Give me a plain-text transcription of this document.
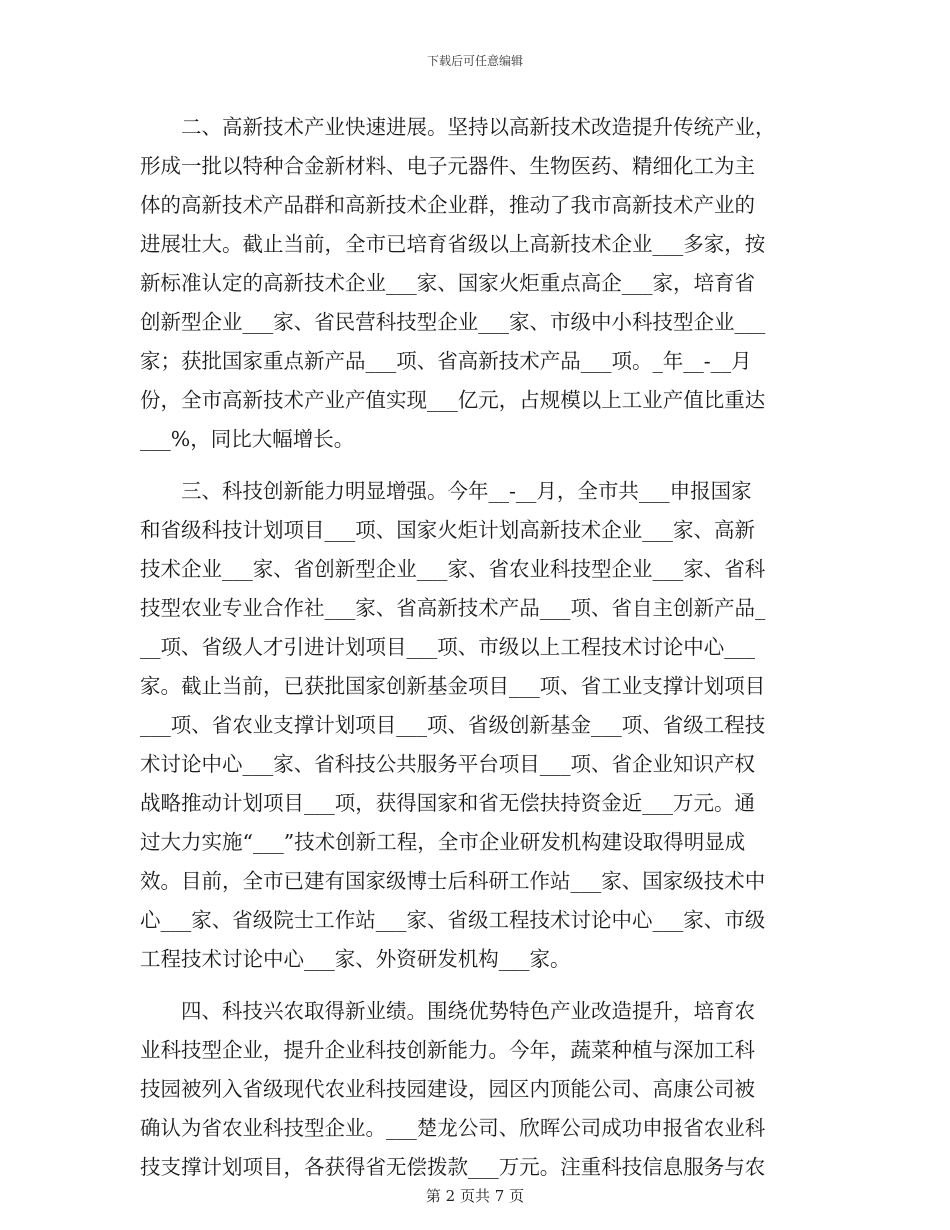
下载后可任意编辑
　　二、高新技术产业快速进展。坚持以高新技术改造提升传统产业，
形成一批以特种合金新材料、电子元器件、生物医药、精细化工为主
体的高新技术产品群和高新技术企业群，推动了我市高新技术产业的
进展壮大。截止当前，全市已培育省级以上高新技术企业___多家，按
新标准认定的高新技术企业___家、国家火炬重点高企___家，培育省
创新型企业___家、省民营科技型企业___家、市级中小科技型企业___
家；获批国家重点新产品___项、省高新技术产品___项。_年__-__月
份，全市高新技术产业产值实现___亿元，占规模以上工业产值比重达
___%，同比大幅增长。
　　三、科技创新能力明显增强。今年__-__月，全市共___申报国家
和省级科技计划项目___项、国家火炬计划高新技术企业___家、高新
技术企业___家、省创新型企业___家、省农业科技型企业___家、省科
技型农业专业合作社___家、省高新技术产品___项、省自主创新产品_
__项、省级人才引进计划项目___项、市级以上工程技术讨论中心___
家。截止当前，已获批国家创新基金项目___项、省工业支撑计划项目
___项、省农业支撑计划项目___项、省级创新基金___项、省级工程技
术讨论中心___家、省科技公共服务平台项目___项、省企业知识产权
战略推动计划项目___项，获得国家和省无偿扶持资金近___万元。通
过大力实施“___”技术创新工程，全市企业研发机构建设取得明显成
效。目前，全市已建有国家级博士后科研工作站___家、国家级技术中
心___家、省级院士工作站___家、省级工程技术讨论中心___家、市级
工程技术讨论中心___家、外资研发机构___家。
　　四、科技兴农取得新业绩。围绕优势特色产业改造提升，培育农
业科技型企业，提升企业科技创新能力。今年，蔬菜种植与深加工科
技园被列入省级现代农业科技园建设，园区内顶能公司、高康公司被
确认为省农业科技型企业。___楚龙公司、欣晖公司成功申报省农业科
技支撑计划项目，各获得省无偿拨款___万元。注重科技信息服务与农
第 2 页共 7 页
